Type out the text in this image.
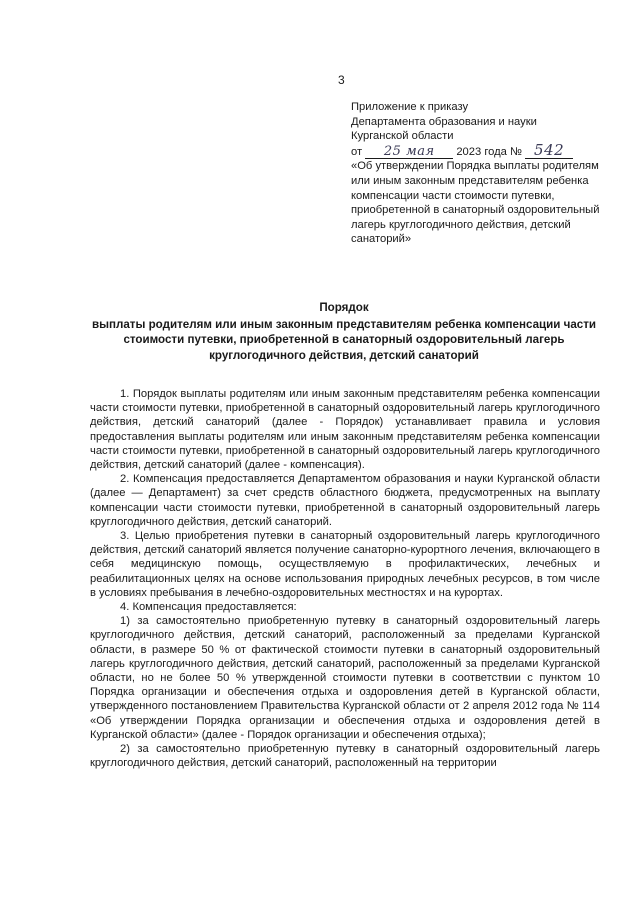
3
Приложение к приказу
Департамента образования и науки
Курганской области
от 25 мая 2023 года № 542
«Об утверждении Порядка выплаты родителям или иным законным представителям ребенка компенсации части стоимости путевки, приобретенной в санаторный оздоровительный лагерь круглогодичного действия, детский санаторий»
Порядок
выплаты родителям или иным законным представителям ребенка компенсации части стоимости путевки, приобретенной в санаторный оздоровительный лагерь круглогодичного действия, детский санаторий

1. Порядок выплаты родителям или иным законным представителям ребенка компенсации части стоимости путевки, приобретенной в санаторный оздоровительный лагерь круглогодичного действия, детский санаторий (далее - Порядок) устанавливает правила и условия предоставления выплаты родителям или иным законным представителям ребенка компенсации части стоимости путевки, приобретенной в санаторный оздоровительный лагерь круглогодичного действия, детский санаторий (далее - компенсация).

2. Компенсация предоставляется Департаментом образования и науки Курганской области (далее — Департамент) за счет средств областного бюджета, предусмотренных на выплату компенсации части стоимости путевки, приобретенной в санаторный оздоровительный лагерь круглогодичного действия, детский санаторий.

3. Целью приобретения путевки в санаторный оздоровительный лагерь круглогодичного действия, детский санаторий является получение санаторно-курортного лечения, включающего в себя медицинскую помощь, осуществляемую в профилактических, лечебных и реабилитационных целях на основе использования природных лечебных ресурсов, в том числе в условиях пребывания в лечебно-оздоровительных местностях и на курортах.

4. Компенсация предоставляется:

1) за самостоятельно приобретенную путевку в санаторный оздоровительный лагерь круглогодичного действия, детский санаторий, расположенный за пределами Курганской области, в размере 50 % от фактической стоимости путевки в санаторный оздоровительный лагерь круглогодичного действия, детский санаторий, расположенный за пределами Курганской области, но не более 50 % утвержденной стоимости путевки в соответствии с пунктом 10 Порядка организации и обеспечения отдыха и оздоровления детей в Курганской области, утвержденного постановлением Правительства Курганской области от 2 апреля 2012 года № 114 «Об утверждении Порядка организации и обеспечения отдыха и оздоровления детей в Курганской области» (далее - Порядок организации и обеспечения отдыха);

2) за самостоятельно приобретенную путевку в санаторный оздоровительный лагерь круглогодичного действия, детский санаторий, расположенный на территории
